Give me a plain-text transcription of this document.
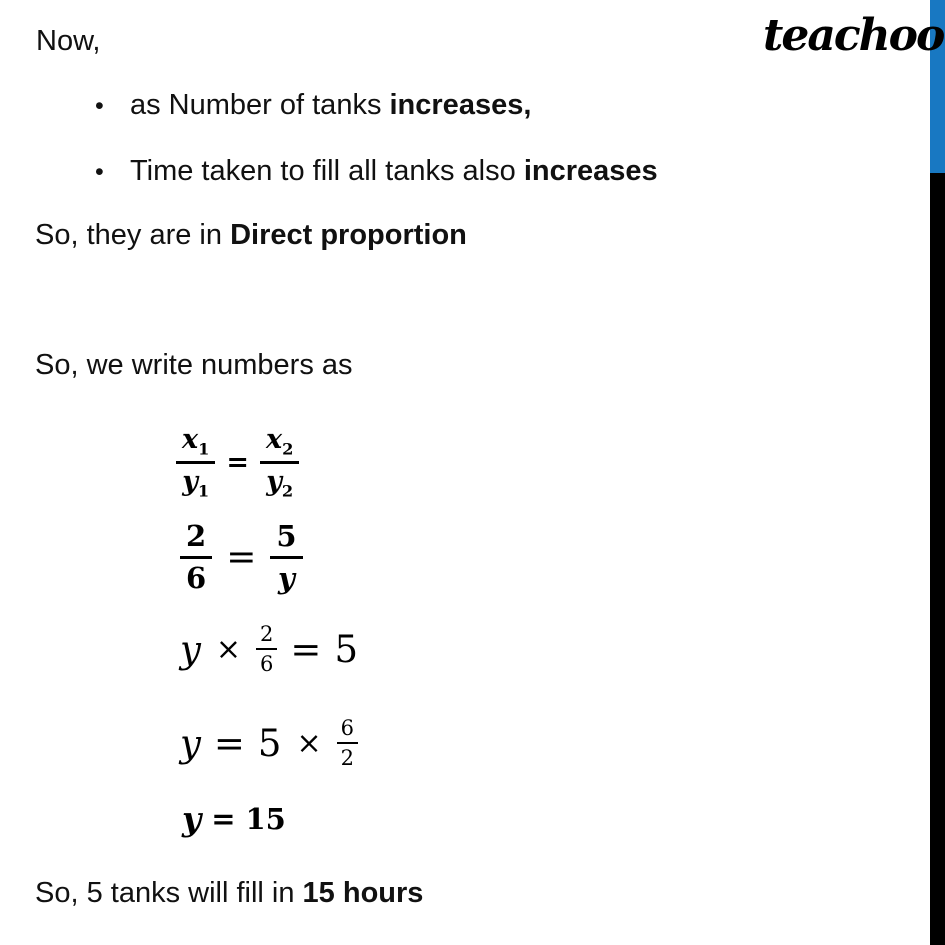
Now,	teachoo
• as Number of tanks increases,
• Time taken to fill all tanks also increases
So, they are in Direct proportion
So, we write numbers as
$\frac{x_1}{y_1} = \frac{x_2}{y_2}$
$\frac{2}{6} = \frac{5}{y}$
$y \times \frac{2}{6} = 5$
$y = 5 \times \frac{6}{2}$
y = 15
So, 5 tanks will fill in 15 hours
